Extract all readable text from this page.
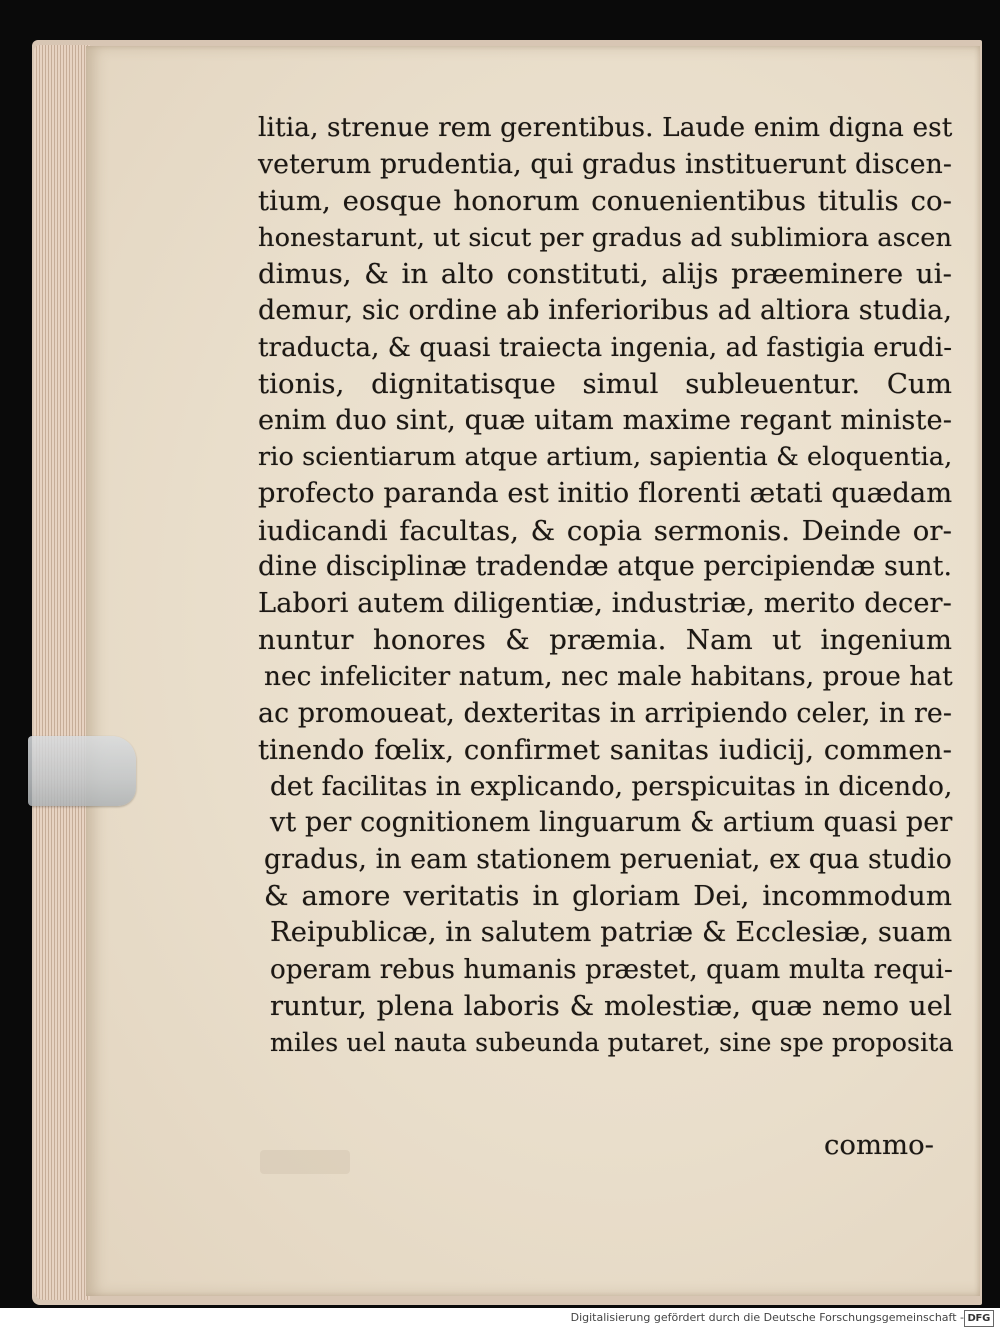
litia, strenue rem gerentibus. Laude enim digna est
veterum prudentia, qui gradus instituerunt discen-
tium, eosque honorum conuenientibus titulis co-
honestarunt, ut sicut per gradus ad sublimiora ascen
dimus, & in alto constituti, alijs præeminere ui-
demur, sic ordine ab inferioribus ad altiora studia,
traducta, & quasi traiecta ingenia, ad fastigia erudi-
tionis, dignitatisque simul subleuentur. Cum
enim duo sint, quæ uitam maxime regant ministe-
rio scientiarum atque artium, sapientia & eloquentia,
profecto paranda est initio florenti ætati quædam
iudicandi facultas, & copia sermonis. Deinde or-
dine disciplinæ tradendæ atque percipiendæ sunt.
Labori autem diligentiæ, industriæ, merito decer-
nuntur honores & præmia. Nam ut ingenium
nec infeliciter natum, nec male habitans, proue hat
ac promoueat, dexteritas in arripiendo celer, in re-
tinendo fœlix, confirmet sanitas iudicij, commen-
det facilitas in explicando, perspicuitas in dicendo,
vt per cognitionem linguarum & artium quasi per
gradus, in eam stationem perueniat, ex qua studio
& amore veritatis in gloriam Dei, incommodum
Reipublicæ, in salutem patriæ & Ecclesiæ, suam
operam rebus humanis præstet, quam multa requi-
runtur, plena laboris & molestiæ, quæ nemo uel
miles uel nauta subeunda putaret, sine spe proposita
commo-
Digitalisierung gefördert durch die Deutsche Forschungsgemeinschaft - DFG
